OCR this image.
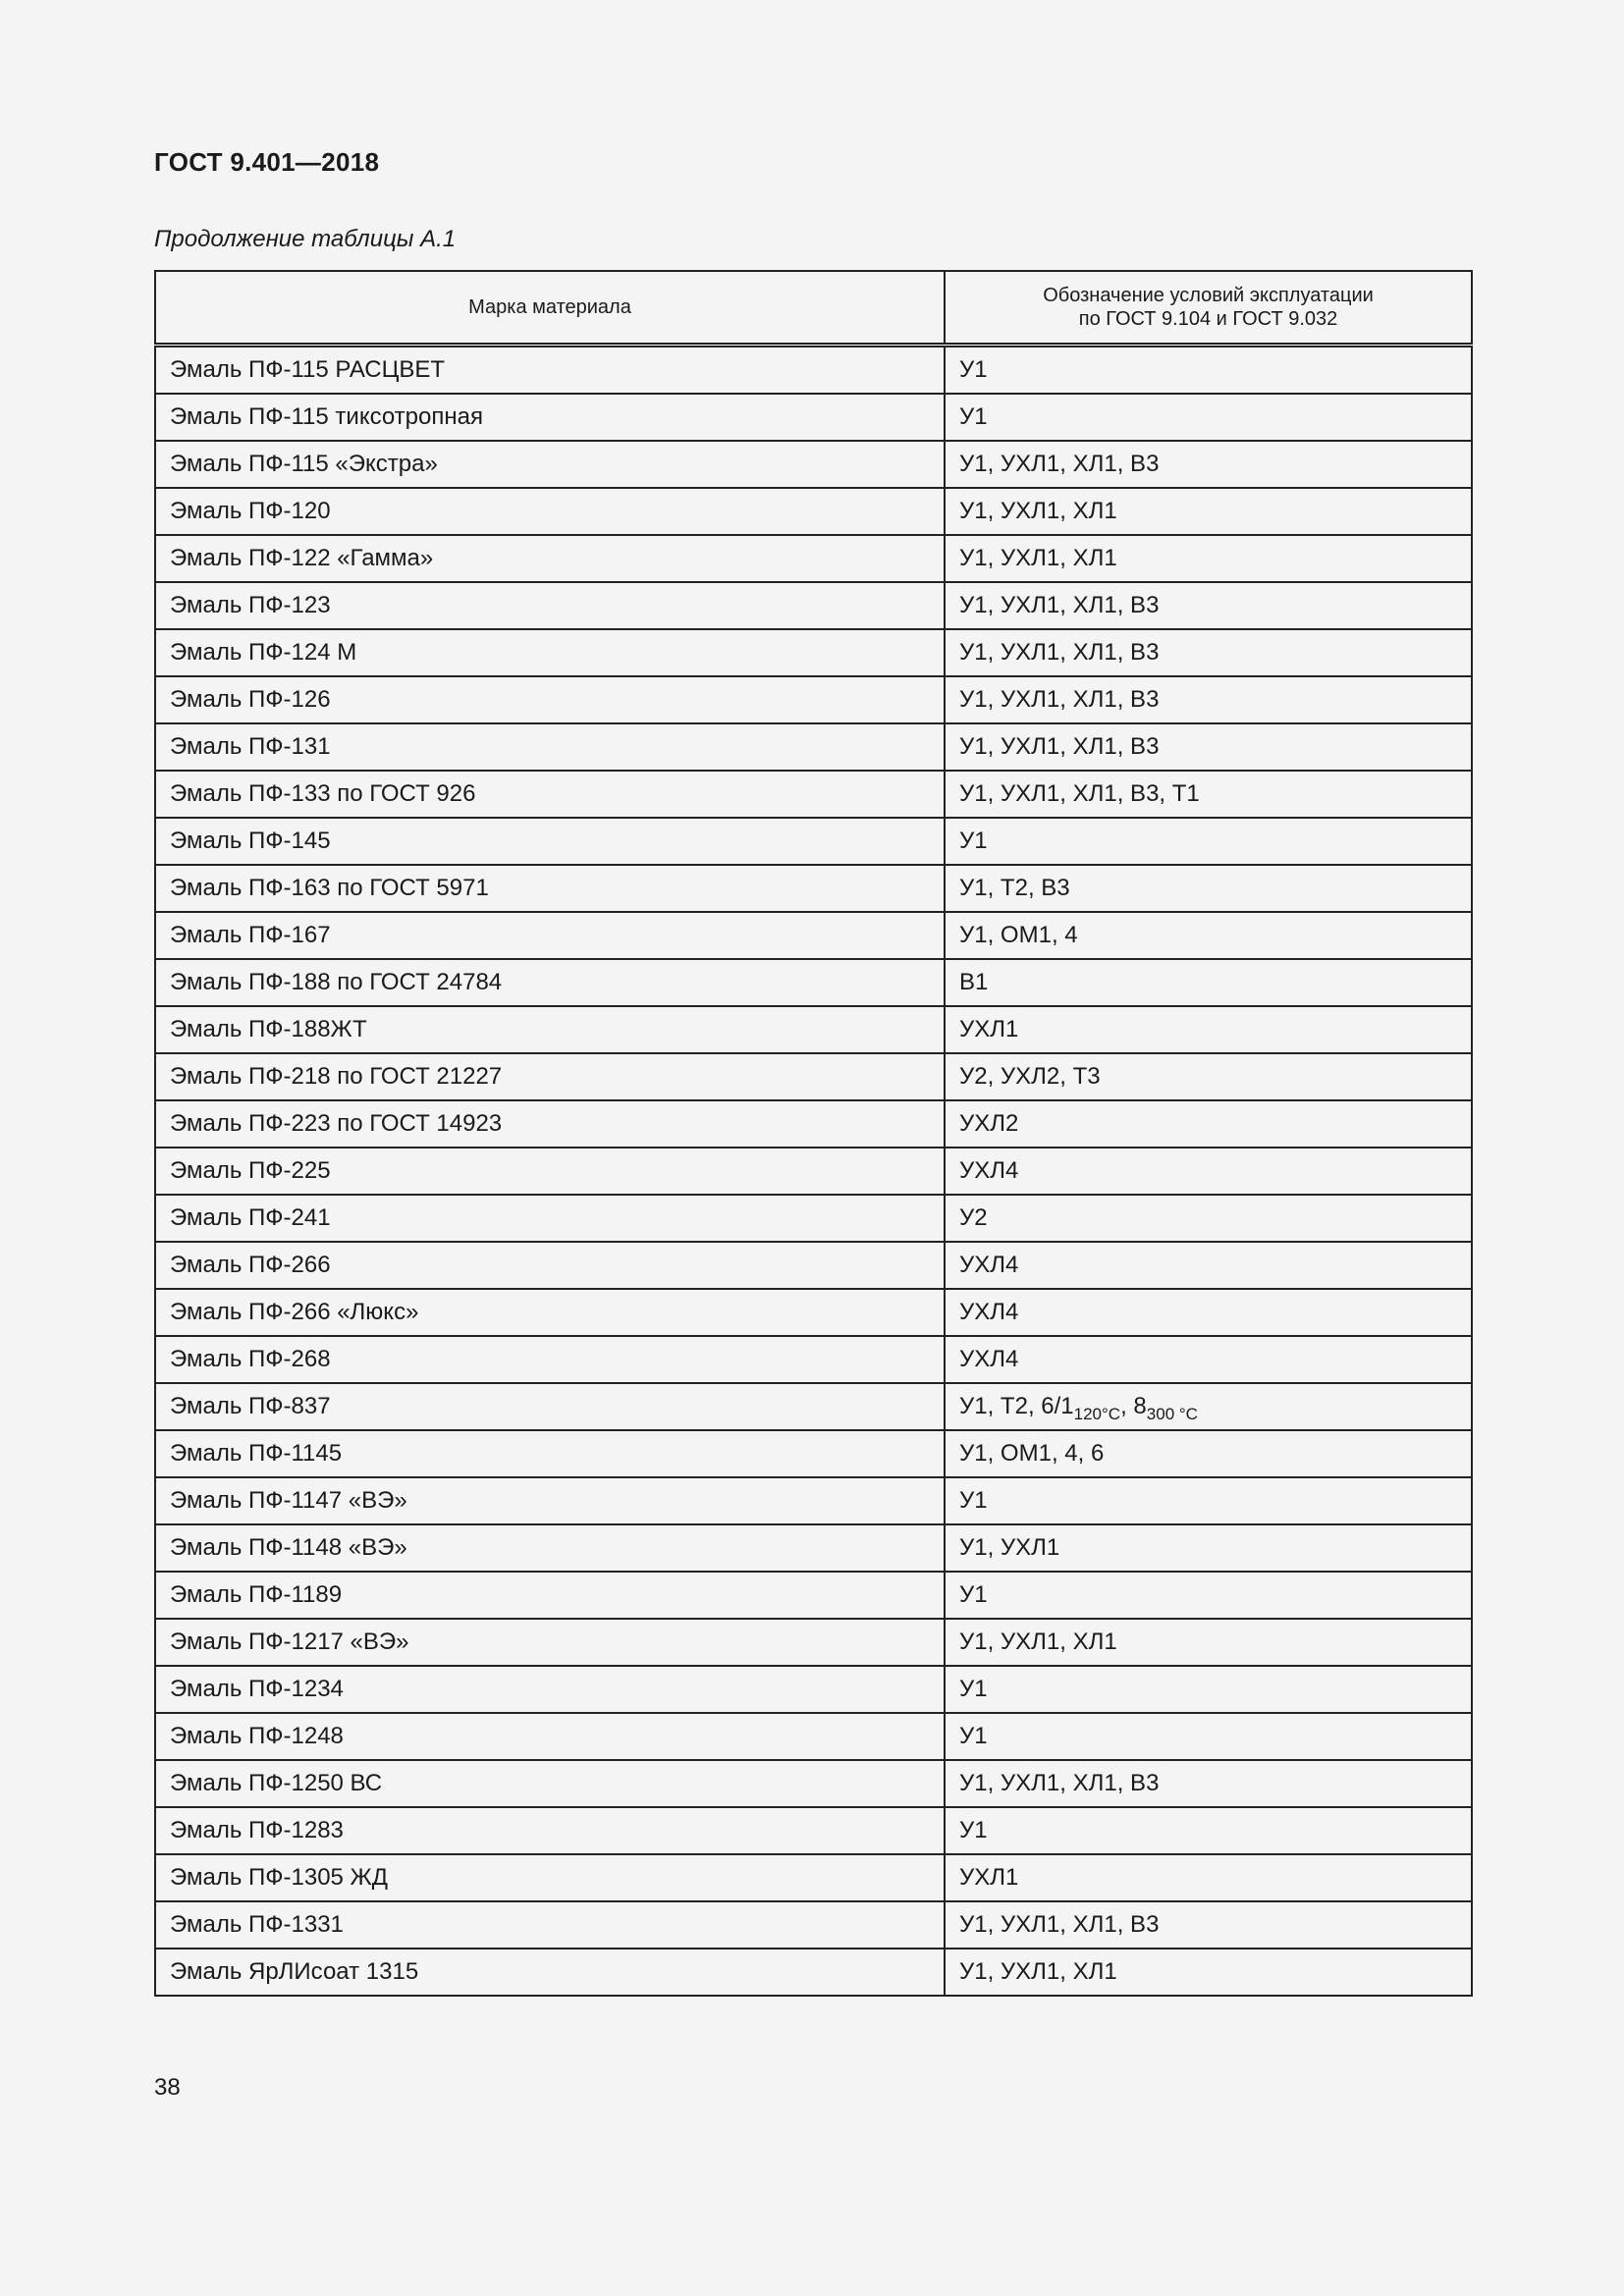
ГОСТ 9.401—2018
Продолжение таблицы А.1
Марка материала	Обозначение условий эксплуатации
по ГОСТ 9.104 и ГОСТ 9.032
Эмаль ПФ-115 РАСЦВЕТ	У1
Эмаль ПФ-115 тиксотропная	У1
Эмаль ПФ-115 «Экстра»	У1, УХЛ1, ХЛ1, В3
Эмаль ПФ-120	У1, УХЛ1, ХЛ1
Эмаль ПФ-122 «Гамма»	У1, УХЛ1, ХЛ1
Эмаль ПФ-123	У1, УХЛ1, ХЛ1, В3
Эмаль ПФ-124 М	У1, УХЛ1, ХЛ1, В3
Эмаль ПФ-126	У1, УХЛ1, ХЛ1, В3
Эмаль ПФ-131	У1, УХЛ1, ХЛ1, В3
Эмаль ПФ-133 по ГОСТ 926	У1, УХЛ1, ХЛ1, В3, Т1
Эмаль ПФ-145	У1
Эмаль ПФ-163 по ГОСТ 5971	У1, Т2, В3
Эмаль ПФ-167	У1, ОМ1, 4
Эмаль ПФ-188 по ГОСТ 24784	В1
Эмаль ПФ-188ЖТ	УХЛ1
Эмаль ПФ-218 по ГОСТ 21227	У2, УХЛ2, Т3
Эмаль ПФ-223 по ГОСТ 14923	УХЛ2
Эмаль ПФ-225	УХЛ4
Эмаль ПФ-241	У2
Эмаль ПФ-266	УХЛ4
Эмаль ПФ-266 «Люкс»	УХЛ4
Эмаль ПФ-268	УХЛ4
Эмаль ПФ-837	У1, Т2, $6/1_{120^\circ C}$, $8_{300 ^\circ C}$
Эмаль ПФ-1145	У1, ОМ1, 4, 6
Эмаль ПФ-1147 «ВЭ»	У1
Эмаль ПФ-1148 «ВЭ»	У1, УХЛ1
Эмаль ПФ-1189	У1
Эмаль ПФ-1217 «ВЭ»	У1, УХЛ1, ХЛ1
Эмаль ПФ-1234	У1
Эмаль ПФ-1248	У1
Эмаль ПФ-1250 ВС	У1, УХЛ1, ХЛ1, В3
Эмаль ПФ-1283	У1
Эмаль ПФ-1305 ЖД	УХЛ1
Эмаль ПФ-1331	У1, УХЛ1, ХЛ1, В3
Эмаль ЯрЛИсоат 1315	У1, УХЛ1, ХЛ1
38
